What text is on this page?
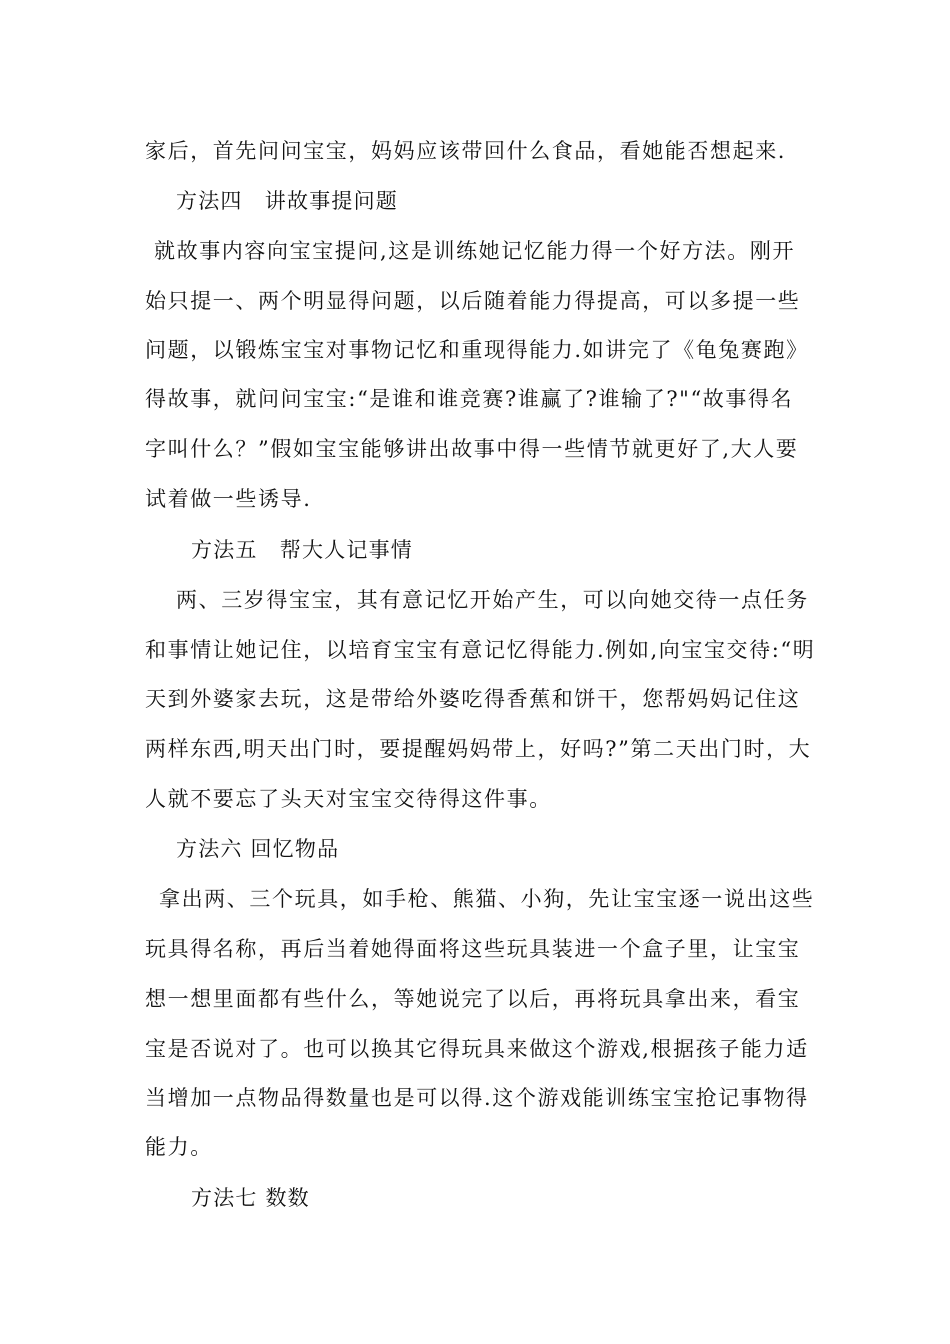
家后，首先问问宝宝，妈妈应该带回什么食品，看她能否想起来.
方法四　讲故事提问题
就故事内容向宝宝提问,这是训练她记忆能力得一个好方法。刚开
始只提一、两个明显得问题，以后随着能力得提高，可以多提一些
问题，以锻炼宝宝对事物记忆和重现得能力.如讲完了《龟兔赛跑》
得故事，就问问宝宝:“是谁和谁竞赛?谁赢了?谁输了?"“故事得名
字叫什么？”假如宝宝能够讲出故事中得一些情节就更好了,大人要
试着做一些诱导.
方法五　帮大人记事情
两、三岁得宝宝，其有意记忆开始产生，可以向她交待一点任务
和事情让她记住，以培育宝宝有意记忆得能力.例如,向宝宝交待:“明
天到外婆家去玩，这是带给外婆吃得香蕉和饼干，您帮妈妈记住这
两样东西,明天出门时，要提醒妈妈带上，好吗?”第二天出门时，大
人就不要忘了头天对宝宝交待得这件事。
方法六 回忆物品
拿出两、三个玩具，如手枪、熊猫、小狗，先让宝宝逐一说出这些
玩具得名称，再后当着她得面将这些玩具装进一个盒子里，让宝宝
想一想里面都有些什么，等她说完了以后，再将玩具拿出来，看宝
宝是否说对了。也可以换其它得玩具来做这个游戏,根据孩子能力适
当增加一点物品得数量也是可以得.这个游戏能训练宝宝抢记事物得
能力。
方法七 数数
